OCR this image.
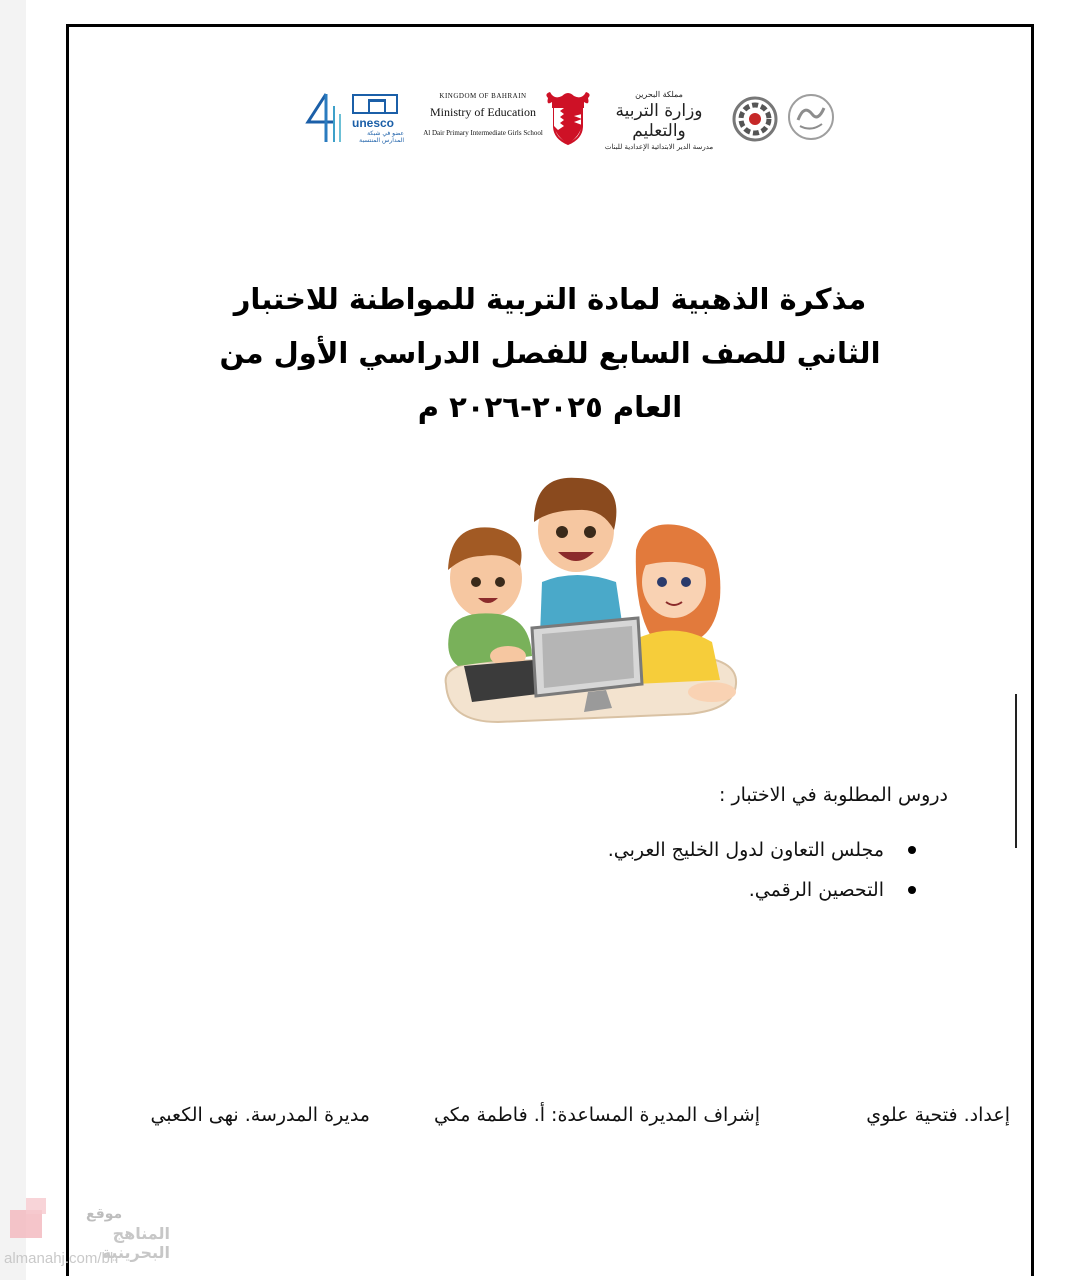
unesco
عضو في شبكة المدارس المنتسبة
KINGDOM OF BAHRAIN
Ministry of Education
Al Dair Primary Intermediate Girls School
مملكة البحرين
وزارة التربية والتعليم
مدرسة الدير الابتدائية الإعدادية للبنات
مذكرة الذهبية لمادة التربية للمواطنة للاختبار
الثاني للصف السابع للفصل الدراسي الأول من
العام ٢٠٢٥-٢٠٢٦ م
دروس المطلوبة في الاختبار :
مجلس التعاون لدول الخليج العربي.
التحصين الرقمي.
إعداد. فتحية علوي
إشراف المديرة المساعدة: أ. فاطمة مكي
مديرة المدرسة. نهى الكعبي
موقع
المناهج البحرينية
almanahj.com/bh
